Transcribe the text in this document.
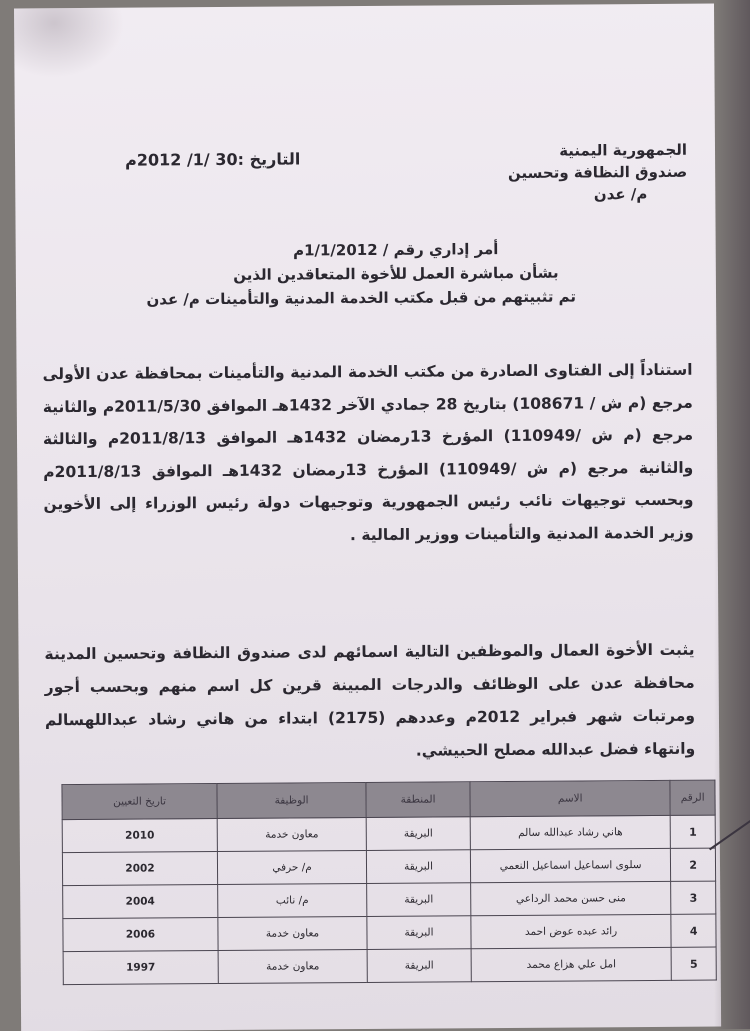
الجمهورية اليمنية
صندوق النظافة وتحسين
م/ عدن
التاريخ :30 /1/ 2012م
أمر إداري رقم / 1/1/2012م
بشأن مباشرة العمل للأخوة المتعاقدين الذين
تم تثبيتهم من قبل مكتب الخدمة المدنية والتأمينات م/ عدن
استناداً إلى الفتاوى الصادرة من مكتب الخدمة المدنية والتأمينات بمحافظة عدن الأولى مرجع (م ش / 108671) بتاريخ 28 جمادي الآخر 1432هـ الموافق 2011/5/30م والثانية مرجع (م ش /110949) المؤرخ 13رمضان 1432هـ الموافق 2011/8/13م والثالثة والثانية مرجع (م ش /110949) المؤرخ 13رمضان 1432هـ الموافق 2011/8/13م وبحسب توجيهات نائب رئيس الجمهورية وتوجيهات دولة رئيس الوزراء إلى الأخوين وزير الخدمة المدنية والتأمينات ووزير المالية .
يثبت الأخوة العمال والموظفين التالية اسمائهم لدى صندوق النظافة وتحسين المدينة محافظة عدن على الوظائف والدرجات المبينة قرين كل اسم منهم وبحسب أجور ومرتبات شهر فبراير 2012م وعددهم (2175) ابتداء من هاني رشاد عبداللهسالم وانتهاء فضل عبدالله مصلح الحبيشي.
الرقم	الاسم	المنطقة	الوظيفة	تاريخ التعيين
1	هاني رشاد عبدالله سالم	البريقة	معاون خدمة	2010
2	سلوى اسماعيل اسماعيل النعمي	البريقة	م/ حرفي	2002
3	منى حسن محمد الرداعي	البريقة	م/ نائب	2004
4	رائد عبده عوض احمد	البريقة	معاون خدمة	2006
5	امل علي هزاع محمد	البريقة	معاون خدمة	1997
